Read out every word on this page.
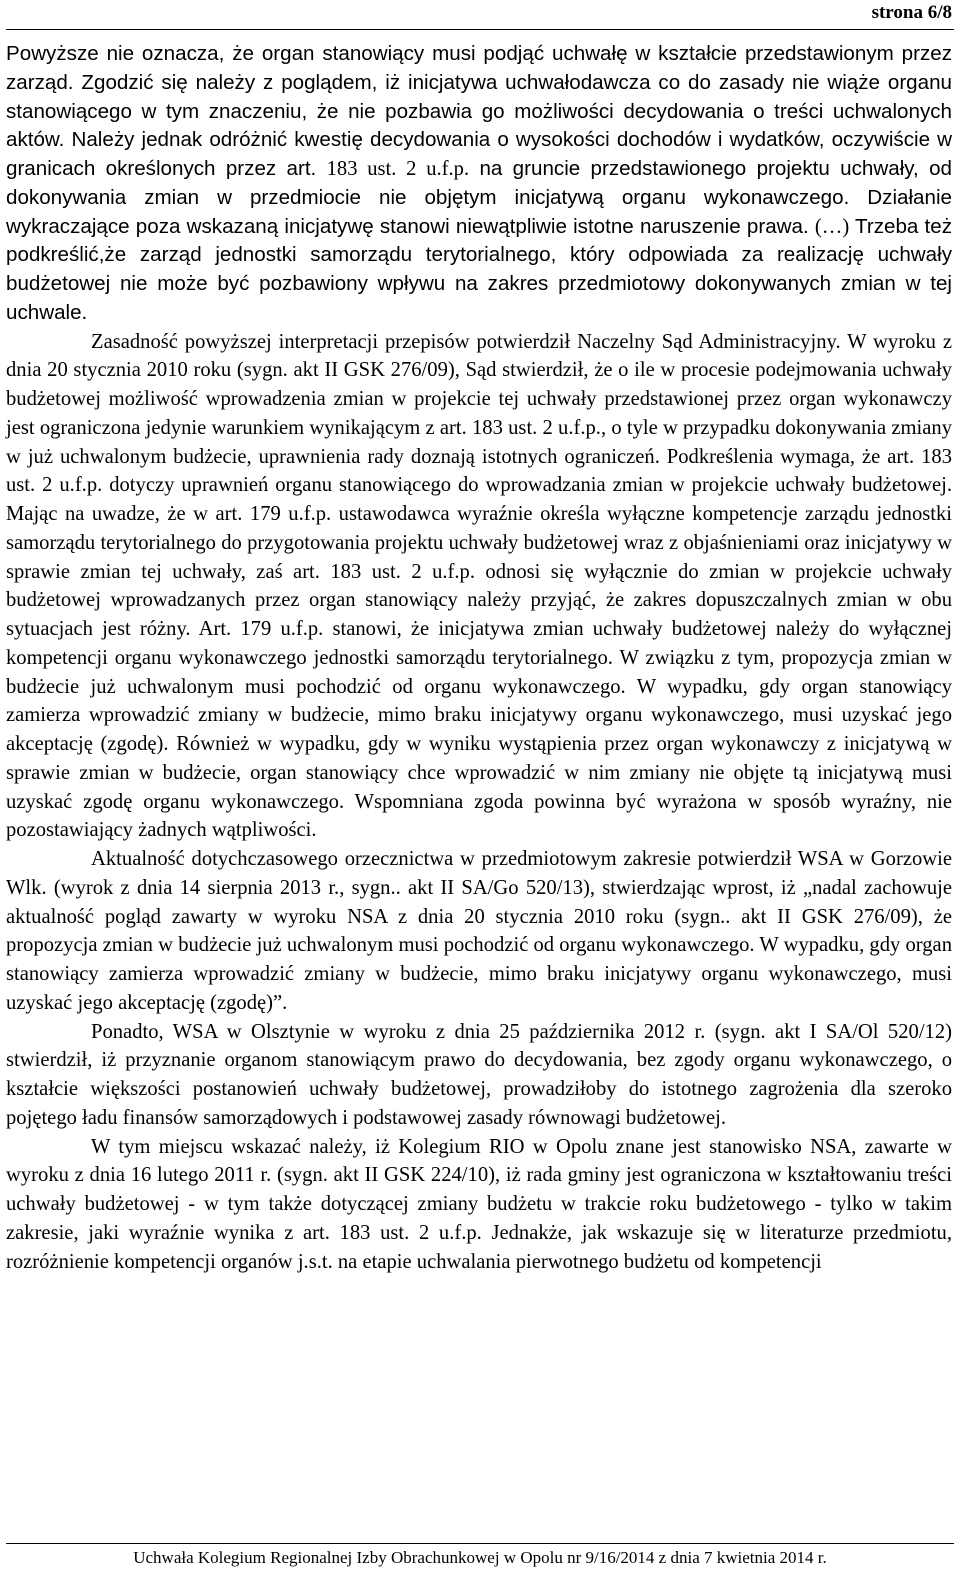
strona 6/8

Powyższe nie oznacza, że organ stanowiący musi podjąć uchwałę w kształcie przedstawionym przez zarząd. Zgodzić się należy z poglądem, iż inicjatywa uchwałodawcza co do zasady nie wiąże organu stanowiącego w tym znaczeniu, że nie pozbawia go możliwości decydowania o treści uchwalonych aktów. Należy jednak odróżnić kwestię decydowania o wysokości dochodów i wydatków, oczywiście w granicach określonych przez art. 183 ust. 2 u.f.p. na gruncie przedstawionego projektu uchwały, od dokonywania zmian w przedmiocie nie objętym inicjatywą organu wykonawczego. Działanie wykraczające poza wskazaną inicjatywę stanowi niewątpliwie istotne naruszenie prawa. (…) Trzeba też podkreślić,że zarząd jednostki samorządu terytorialnego, który odpowiada za realizację uchwały budżetowej nie może być pozbawiony wpływu na zakres przedmiotowy dokonywanych zmian w tej uchwale.

Zasadność powyższej interpretacji przepisów potwierdził Naczelny Sąd Administracyjny. W wyroku z dnia 20 stycznia 2010 roku (sygn. akt II GSK 276/09), Sąd stwierdził, że o ile w procesie podejmowania uchwały budżetowej możliwość wprowadzenia zmian w projekcie tej uchwały przedstawionej przez organ wykonawczy jest ograniczona jedynie warunkiem wynikającym z art. 183 ust. 2 u.f.p., o tyle w przypadku dokonywania zmiany w już uchwalonym budżecie, uprawnienia rady doznają istotnych ograniczeń. Podkreślenia wymaga, że art. 183 ust. 2 u.f.p. dotyczy uprawnień organu stanowiącego do wprowadzania zmian w projekcie uchwały budżetowej. Mając na uwadze, że w art. 179 u.f.p. ustawodawca wyraźnie określa wyłączne kompetencje zarządu jednostki samorządu terytorialnego do przygotowania projektu uchwały budżetowej wraz z objaśnieniami oraz inicjatywy w sprawie zmian tej uchwały, zaś art. 183 ust. 2 u.f.p. odnosi się wyłącznie do zmian w projekcie uchwały budżetowej wprowadzanych przez organ stanowiący należy przyjąć, że zakres dopuszczalnych zmian w obu sytuacjach jest różny. Art. 179 u.f.p. stanowi, że inicjatywa zmian uchwały budżetowej należy do wyłącznej kompetencji organu wykonawczego jednostki samorządu terytorialnego. W związku z tym, propozycja zmian w budżecie już uchwalonym musi pochodzić od organu wykonawczego. W wypadku, gdy organ stanowiący zamierza wprowadzić zmiany w budżecie, mimo braku inicjatywy organu wykonawczego, musi uzyskać jego akceptację (zgodę). Również w wypadku, gdy w wyniku wystąpienia przez organ wykonawczy z inicjatywą w sprawie zmian w budżecie, organ stanowiący chce wprowadzić w nim zmiany nie objęte tą inicjatywą musi uzyskać zgodę organu wykonawczego. Wspomniana zgoda powinna być wyrażona w sposób wyraźny, nie pozostawiający żadnych wątpliwości.

Aktualność dotychczasowego orzecznictwa w przedmiotowym zakresie potwierdził WSA w Gorzowie Wlk. (wyrok z dnia 14 sierpnia 2013 r., sygn.. akt II SA/Go 520/13), stwierdzając wprost, iż „nadal zachowuje aktualność pogląd zawarty w wyroku NSA z dnia 20 stycznia 2010 roku (sygn.. akt II GSK 276/09), że propozycja zmian w budżecie już uchwalonym musi pochodzić od organu wykonawczego. W wypadku, gdy organ stanowiący zamierza wprowadzić zmiany w budżecie, mimo braku inicjatywy organu wykonawczego, musi uzyskać jego akceptację (zgodę)”.

Ponadto, WSA w Olsztynie w wyroku z dnia 25 października 2012 r. (sygn. akt I SA/Ol 520/12) stwierdził, iż przyznanie organom stanowiącym prawo do decydowania, bez zgody organu wykonawczego, o kształcie większości postanowień uchwały budżetowej, prowadziłoby do istotnego zagrożenia dla szeroko pojętego ładu finansów samorządowych i podstawowej zasady równowagi budżetowej.

W tym miejscu wskazać należy, iż Kolegium RIO w Opolu znane jest stanowisko NSA, zawarte w wyroku z dnia 16 lutego 2011 r. (sygn. akt II GSK 224/10), iż rada gminy jest ograniczona w kształtowaniu treści uchwały budżetowej - w tym także dotyczącej zmiany budżetu w trakcie roku budżetowego - tylko w takim zakresie, jaki wyraźnie wynika z art. 183 ust. 2 u.f.p. Jednakże, jak wskazuje się w literaturze przedmiotu, rozróżnienie kompetencji organów j.s.t. na etapie uchwalania pierwotnego budżetu od kompetencji

Uchwała Kolegium Regionalnej Izby Obrachunkowej w Opolu nr 9/16/2014 z dnia 7 kwietnia 2014 r.
